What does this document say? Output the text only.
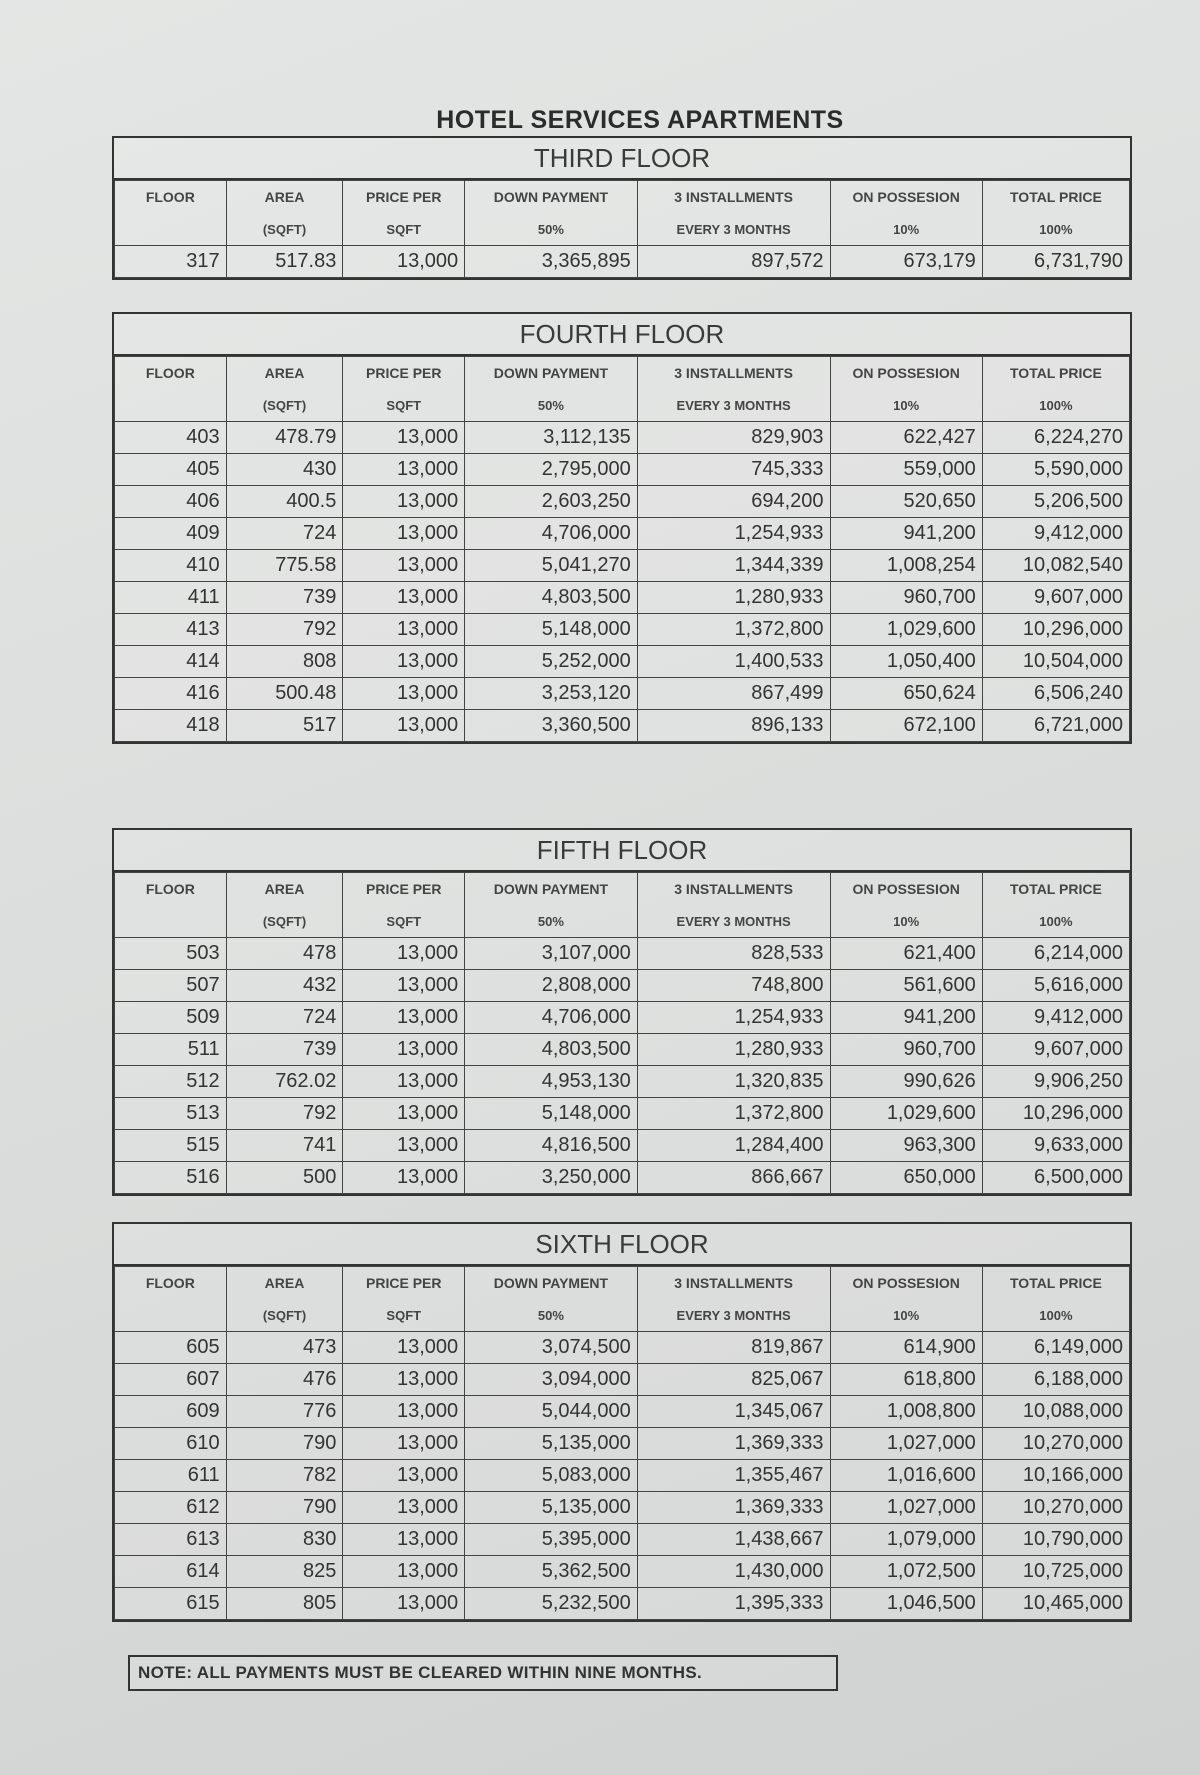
HOTEL SERVICES APARTMENTS
THIRD FLOOR
FLOOR	AREA	PRICE PER	DOWN PAYMENT	3 INSTALLMENTS	ON POSSESION	TOTAL PRICE
	(SQFT)	SQFT	50%	EVERY 3 MONTHS	10%	100%
317	517.83	13,000	3,365,895	897,572	673,179	6,731,790
FOURTH FLOOR
FLOOR	AREA	PRICE PER	DOWN PAYMENT	3 INSTALLMENTS	ON POSSESION	TOTAL PRICE
	(SQFT)	SQFT	50%	EVERY 3 MONTHS	10%	100%
403	478.79	13,000	3,112,135	829,903	622,427	6,224,270
405	430	13,000	2,795,000	745,333	559,000	5,590,000
406	400.5	13,000	2,603,250	694,200	520,650	5,206,500
409	724	13,000	4,706,000	1,254,933	941,200	9,412,000
410	775.58	13,000	5,041,270	1,344,339	1,008,254	10,082,540
411	739	13,000	4,803,500	1,280,933	960,700	9,607,000
413	792	13,000	5,148,000	1,372,800	1,029,600	10,296,000
414	808	13,000	5,252,000	1,400,533	1,050,400	10,504,000
416	500.48	13,000	3,253,120	867,499	650,624	6,506,240
418	517	13,000	3,360,500	896,133	672,100	6,721,000
FIFTH FLOOR
FLOOR	AREA	PRICE PER	DOWN PAYMENT	3 INSTALLMENTS	ON POSSESION	TOTAL PRICE
	(SQFT)	SQFT	50%	EVERY 3 MONTHS	10%	100%
503	478	13,000	3,107,000	828,533	621,400	6,214,000
507	432	13,000	2,808,000	748,800	561,600	5,616,000
509	724	13,000	4,706,000	1,254,933	941,200	9,412,000
511	739	13,000	4,803,500	1,280,933	960,700	9,607,000
512	762.02	13,000	4,953,130	1,320,835	990,626	9,906,250
513	792	13,000	5,148,000	1,372,800	1,029,600	10,296,000
515	741	13,000	4,816,500	1,284,400	963,300	9,633,000
516	500	13,000	3,250,000	866,667	650,000	6,500,000
SIXTH FLOOR
FLOOR	AREA	PRICE PER	DOWN PAYMENT	3 INSTALLMENTS	ON POSSESION	TOTAL PRICE
	(SQFT)	SQFT	50%	EVERY 3 MONTHS	10%	100%
605	473	13,000	3,074,500	819,867	614,900	6,149,000
607	476	13,000	3,094,000	825,067	618,800	6,188,000
609	776	13,000	5,044,000	1,345,067	1,008,800	10,088,000
610	790	13,000	5,135,000	1,369,333	1,027,000	10,270,000
611	782	13,000	5,083,000	1,355,467	1,016,600	10,166,000
612	790	13,000	5,135,000	1,369,333	1,027,000	10,270,000
613	830	13,000	5,395,000	1,438,667	1,079,000	10,790,000
614	825	13,000	5,362,500	1,430,000	1,072,500	10,725,000
615	805	13,000	5,232,500	1,395,333	1,046,500	10,465,000
NOTE: ALL PAYMENTS MUST BE CLEARED WITHIN NINE MONTHS.
